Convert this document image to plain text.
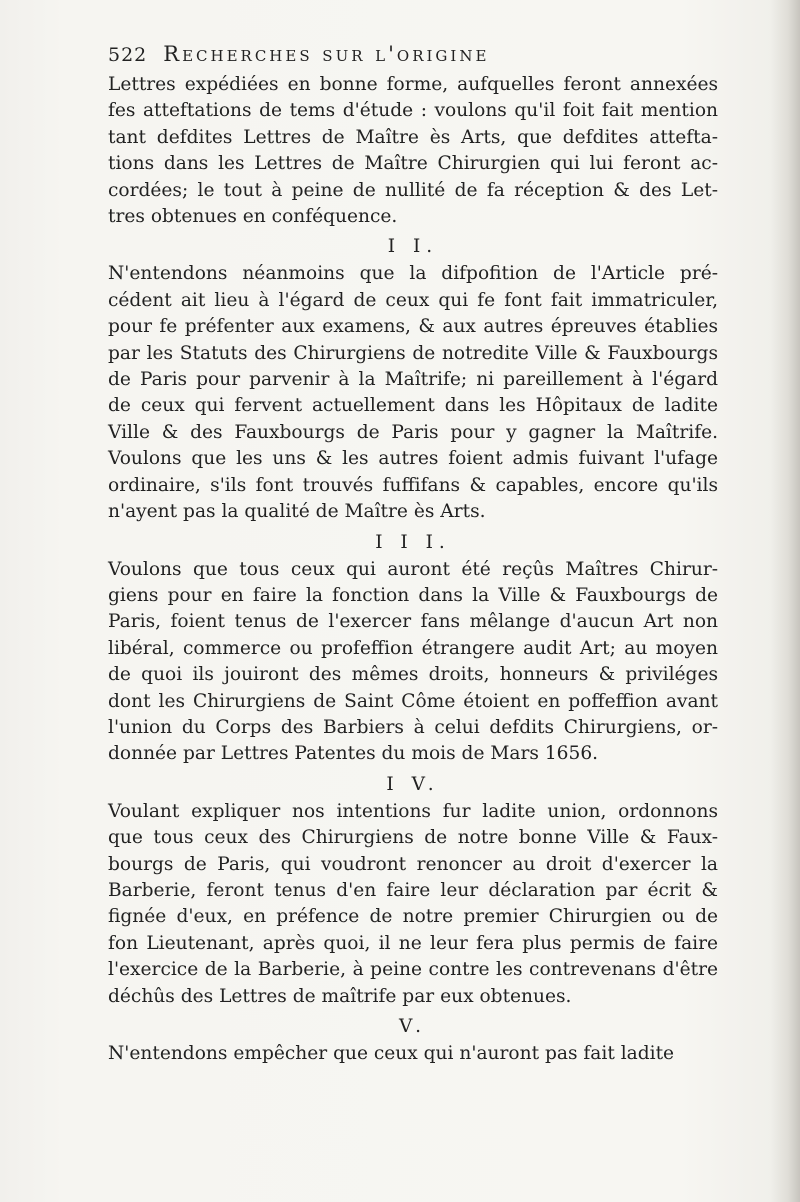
522 Recherches sur l'origine

Lettres expédiées en bonne forme, aufquelles feront annexées
fes atteftations de tems d'étude : voulons qu'il foit fait mention
tant defdites Lettres de Maître ès Arts, que defdites attefta-
tions dans les Lettres de Maître Chirurgien qui lui feront ac-
cordées; le tout à peine de nullité de fa réception & des Let-
tres obtenues en conféquence.

I I.

N'entendons néanmoins que la difpofition de l'Article pré-
cédent ait lieu à l'égard de ceux qui fe font fait immatriculer,
pour fe préfenter aux examens, & aux autres épreuves établies
par les Statuts des Chirurgiens de notredite Ville & Fauxbourgs
de Paris pour parvenir à la Maîtrife; ni pareillement à l'égard
de ceux qui fervent actuellement dans les Hôpitaux de ladite
Ville & des Fauxbourgs de Paris pour y gagner la Maîtrife.
Voulons que les uns & les autres foient admis fuivant l'ufage
ordinaire, s'ils font trouvés fuffifans & capables, encore qu'ils
n'ayent pas la qualité de Maître ès Arts.

I I I.

Voulons que tous ceux qui auront été reçûs Maîtres Chirur-
giens pour en faire la fonction dans la Ville & Fauxbourgs de
Paris, foient tenus de l'exercer fans mêlange d'aucun Art non
libéral, commerce ou profeffion étrangere audit Art; au moyen
de quoi ils jouiront des mêmes droits, honneurs & priviléges
dont les Chirurgiens de Saint Côme étoient en poffeffion avant
l'union du Corps des Barbiers à celui defdits Chirurgiens, or-
donnée par Lettres Patentes du mois de Mars 1656.

I V.

Voulant expliquer nos intentions fur ladite union, ordonnons
que tous ceux des Chirurgiens de notre bonne Ville & Faux-
bourgs de Paris, qui voudront renoncer au droit d'exercer la
Barberie, feront tenus d'en faire leur déclaration par écrit &
fignée d'eux, en préfence de notre premier Chirurgien ou de
fon Lieutenant, après quoi, il ne leur fera plus permis de faire
l'exercice de la Barberie, à peine contre les contrevenans d'être
déchûs des Lettres de maîtrife par eux obtenues.

V.

N'entendons empêcher que ceux qui n'auront pas fait ladite
